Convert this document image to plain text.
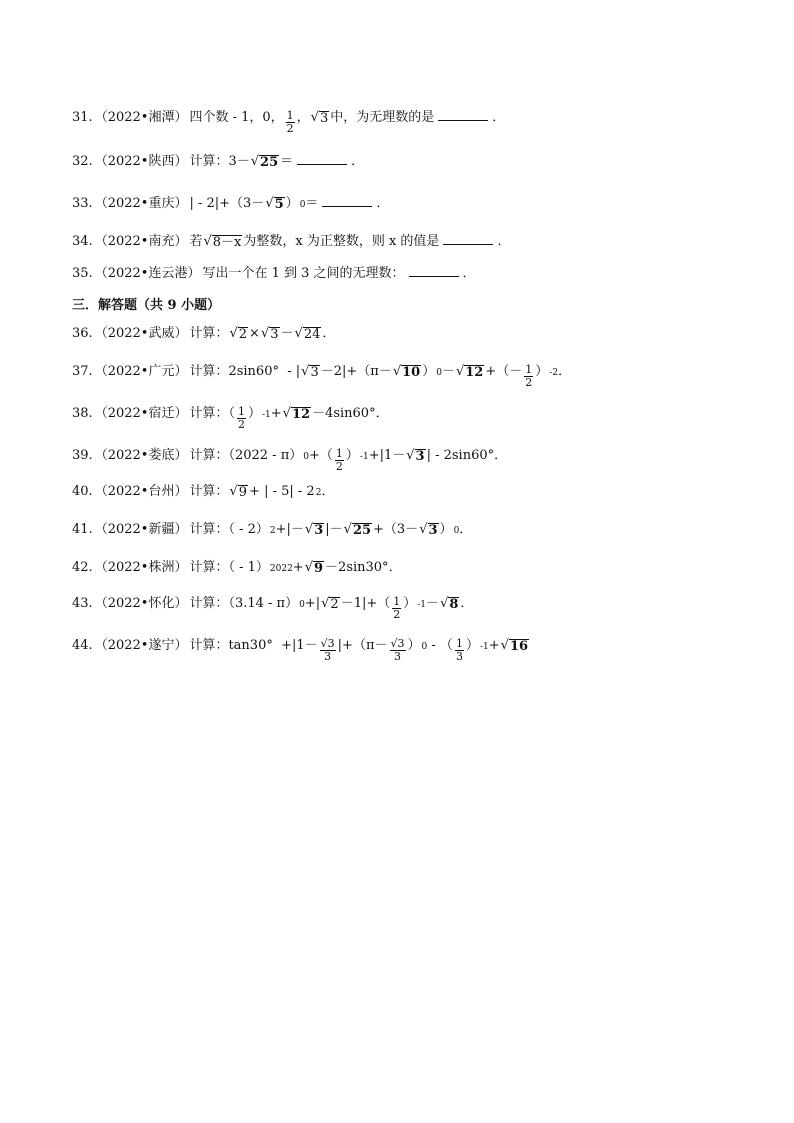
31. （2022•湘潭） 四个数 - 1，0， $\frac{1}{2}$ ， √ 3 中，为无理数的是	．
32. （2022•陕西） 计算：3 － √ 25 ＝	．
33. （2022•重庆） | - 2|+（3 － √ 5 ） 0 ＝	．
34. （2022•南充） 若 √ 8－x 为整数，x 为正整数，则 x 的值是	．
35. （2022•连云港） 写出一个在 1 到 3 之间的无理数：	．
三．解答题（共 9 小题）
36. （2022•武威） 计算： √ 2 × √ 3 － √ 24 ．
37. （2022•广元） 计算：2sin60°  - | √ 3 －2|+（π－ √ 10 ） 0 － √ 12 +（－ $\frac{1}{2}$ ） -2 ．
38. （2022•宿迁） 计算：（ $\frac{1}{2}$ ） -1 + √ 12 －4sin60° ．
39. （2022•娄底） 计算：（2022 - π） 0 +（ $\frac{1}{2}$ ） -1 +|1－ √ 3 | - 2sin60° ．
40. （2022•台州） 计算： √ 9 + | - 5| - 2 2 ．
41. （2022•新疆） 计算：（ - 2） 2 +|－ √ 3 |－ √ 25 +（3－ √ 3 ） 0 ．
42. （2022•株洲） 计算：（ - 1） 2022 + √ 9 －2sin30° ．
43. （2022•怀化） 计算：（3.14 - π） 0 +| √ $2 -1|+( \frac{1}{2}$ ） -1 － √ 8 ．
44. （2022•遂宁） 计算：$\tan 30^\circ +|1- \frac{√3}{3} |+(\pi- \frac{√3}{3}$ ） 0 - （ $\frac{1}{3}$ ） -1 + √ 16
